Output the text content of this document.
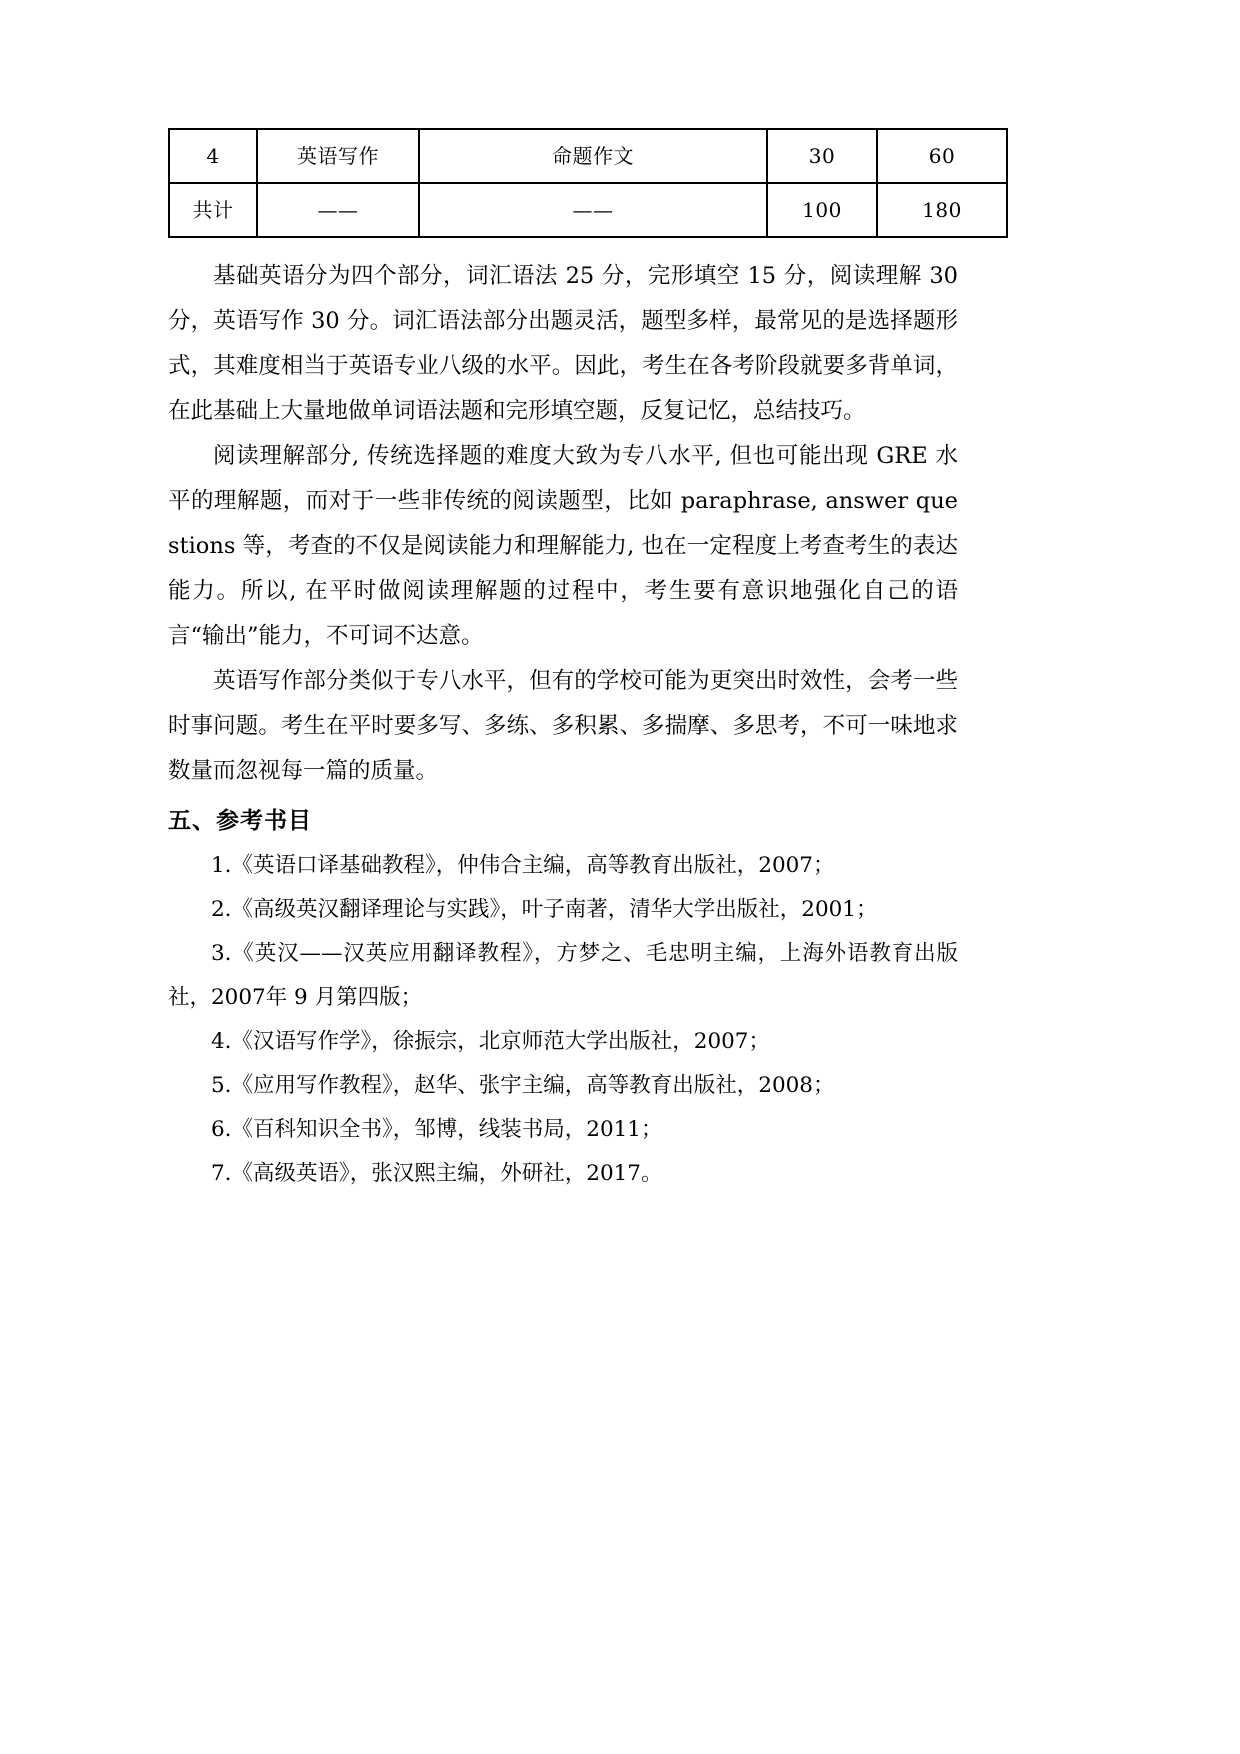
4	英语写作	命题作文	30	60
共计	——	——	100	180

基础英语分为四个部分，词汇语法 25 分，完形填空 15 分，阅读理解 30 分，英语写作 30 分。词汇语法部分出题灵活，题型多样，最常见的是选择题形式，其难度相当于英语专业八级的水平。因此，考生在各考阶段就要多背单词，在此基础上大量地做单词语法题和完形填空题，反复记忆，总结技巧。

阅读理解部分, 传统选择题的难度大致为专八水平, 但也可能出现 GRE 水平的理解题，而对于一些非传统的阅读题型，比如 paraphrase, answer questions 等，考查的不仅是阅读能力和理解能力, 也在一定程度上考查考生的表达能力。所以, 在平时做阅读理解题的过程中，考生要有意识地强化自己的语言“输出”能力，不可词不达意。

英语写作部分类似于专八水平，但有的学校可能为更突出时效性，会考一些时事问题。考生在平时要多写、多练、多积累、多揣摩、多思考，不可一味地求数量而忽视每一篇的质量。

五、参考书目

1.《英语口译基础教程》，仲伟合主编，高等教育出版社，2007；

2.《高级英汉翻译理论与实践》，叶子南著，清华大学出版社，2001；

3.《英汉——汉英应用翻译教程》，方梦之、毛忠明主编，上海外语教育出版社，2007年 9 月第四版；

4.《汉语写作学》，徐振宗，北京师范大学出版社，2007；

5.《应用写作教程》，赵华、张宇主编，高等教育出版社，2008；

6.《百科知识全书》，邹博，线装书局，2011；

7.《高级英语》，张汉熙主编，外研社，2017。
